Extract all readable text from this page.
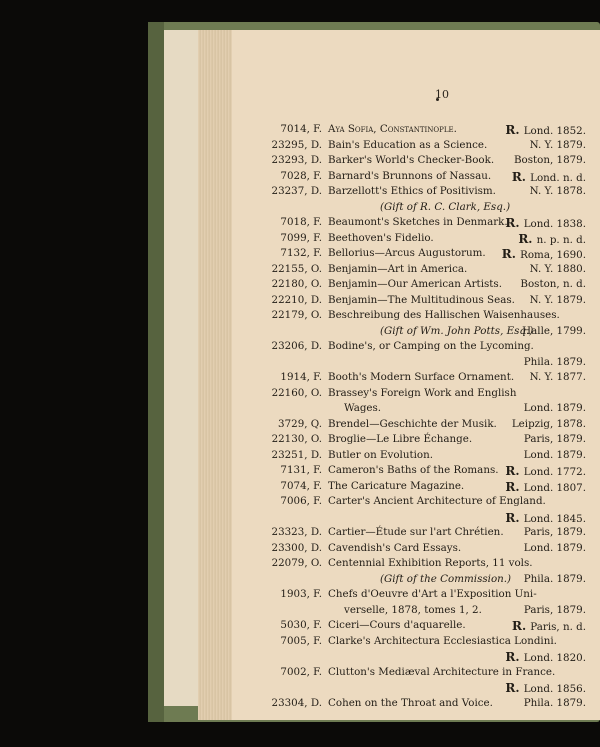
10
7014, F. Aya Sofia, Constantinople.	R. Lond. 1852.
23295, D. Bain's Education as a Science.	N. Y. 1879.
23293, D. Barker's World's Checker-Book. Boston, 1879.
7028, F. Barnard's Brunnons of Nassau. R. Lond. n. d.
23237, D. Barzellott's Ethics of Positivism.	N. Y. 1878.
(Gift of R. C. Clark, Esq.)
7018, F. Beaumont's Sketches in Denmark.
R. Lond. 1838.
7099, F. Beethoven's Fidelio.	R. n. p. n. d.
7132, F. Bellorius—Arcus Augustorum. R. Roma, 1690.
22155, O. Benjamin—Art in America.	N. Y. 1880.
22180, O. Benjamin—Our American Artists. Boston, n. d.
22210, D. Benjamin—The Multitudinous Seas. N. Y. 1879.
22179, O. Beschreibung des Hallischen Waisenhauses.
(Gift of Wm. John Potts, Esq.)
Halle, 1799.
23206, D. Bodine's, or Camping on the Lycoming.
Phila. 1879.
1914, F. Booth's Modern Surface Ornament. N. Y. 1877.
22160, O. Brassey's Foreign Work and English
Wages.	Lond. 1879.
3729, Q. Brendel—Geschichte der Musik. Leipzig, 1878.
22130, O. Broglie—Le Libre Échange.	Paris, 1879.
23251, D. Butler on Evolution.	Lond. 1879.
7131, F. Cameron's Baths of the Romans. R. Lond. 1772.
7074, F. The Caricature Magazine.	R. Lond. 1807.
7006, F. Carter's Ancient Architecture of England.
R. Lond. 1845.
23323, D. Cartier—Étude sur l'art Chrétien. Paris, 1879.
23300, D. Cavendish's Card Essays.	Lond. 1879.
22079, O. Centennial Exhibition Reports, 11 vols.
(Gift of the Commission.) Phila. 1879.
1903, F. Chefs d'Oeuvre d'Art a l'Exposition Uni-
verselle, 1878, tomes 1, 2.	Paris, 1879.
5030, F. Ciceri—Cours d'aquarelle.	R. Paris, n. d.
7005, F. Clarke's Architectura Ecclesiastica Londini.
R. Lond. 1820.
7002, F. Clutton's Mediæval Architecture in France.
R. Lond. 1856.
23304, D. Cohen on the Throat and Voice.	Phila. 1879.
